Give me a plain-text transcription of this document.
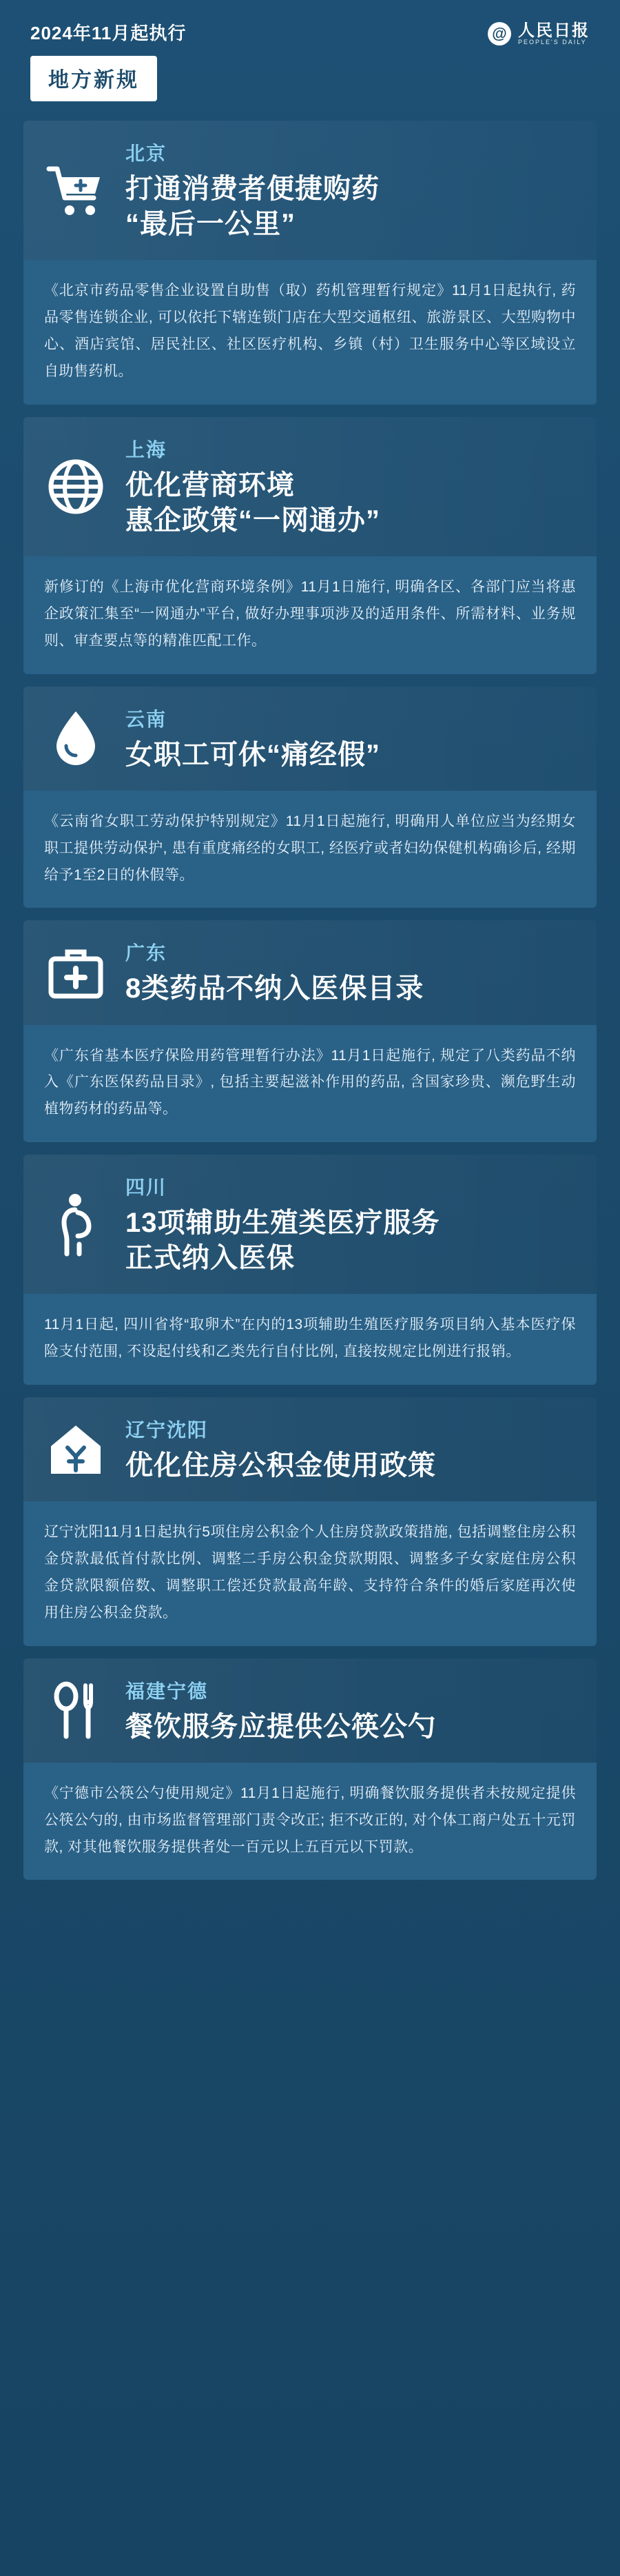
2024年11月起执行
地方新规
@ 人民日报
PEOPLE'S DAILY
北京
打通消费者便捷购药
“最后一公里”
《北京市药品零售企业设置自助售（取）药机管理暂行规定》11月1日起执行, 药品零售连锁企业, 可以依托下辖连锁门店在大型交通枢纽、旅游景区、大型购物中心、酒店宾馆、居民社区、社区医疗机构、乡镇（村）卫生服务中心等区域设立自助售药机。
上海
优化营商环境
惠企政策“一网通办”
新修订的《上海市优化营商环境条例》11月1日施行, 明确各区、各部门应当将惠企政策汇集至“一网通办”平台, 做好办理事项涉及的适用条件、所需材料、业务规则、审查要点等的精准匹配工作。
云南
女职工可休“痛经假”
《云南省女职工劳动保护特别规定》11月1日起施行, 明确用人单位应当为经期女职工提供劳动保护, 患有重度痛经的女职工, 经医疗或者妇幼保健机构确诊后, 经期给予1至2日的休假等。
广东
8类药品不纳入医保目录
《广东省基本医疗保险用药管理暂行办法》11月1日起施行, 规定了八类药品不纳入《广东医保药品目录》, 包括主要起滋补作用的药品, 含国家珍贵、濒危野生动植物药材的药品等。
四川
13项辅助生殖类医疗服务
正式纳入医保
11月1日起, 四川省将“取卵术”在内的13项辅助生殖医疗服务项目纳入基本医疗保险支付范围, 不设起付线和乙类先行自付比例, 直接按规定比例进行报销。
辽宁沈阳
优化住房公积金使用政策
辽宁沈阳11月1日起执行5项住房公积金个人住房贷款政策措施, 包括调整住房公积金贷款最低首付款比例、调整二手房公积金贷款期限、调整多子女家庭住房公积金贷款限额倍数、调整职工偿还贷款最高年龄、支持符合条件的婚后家庭再次使用住房公积金贷款。
福建宁德
餐饮服务应提供公筷公勺
《宁德市公筷公勺使用规定》11月1日起施行, 明确餐饮服务提供者未按规定提供公筷公勺的, 由市场监督管理部门责令改正; 拒不改正的, 对个体工商户处五十元罚款, 对其他餐饮服务提供者处一百元以上五百元以下罚款。
